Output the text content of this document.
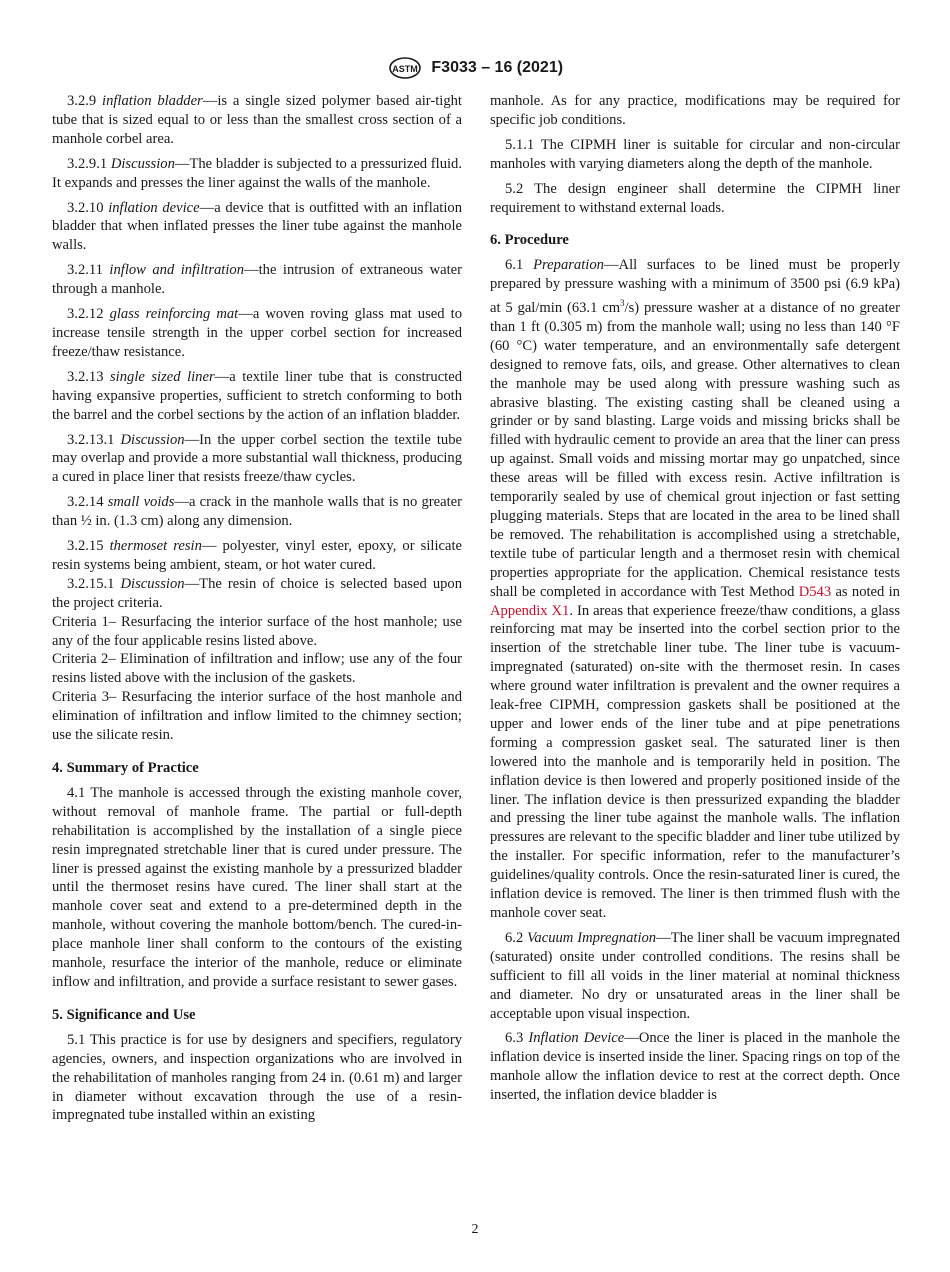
ASTM F3033 – 16 (2021)

3.2.9 inflation bladder—is a single sized polymer based air-tight tube that is sized equal to or less than the smallest cross section of a manhole corbel area.

3.2.9.1 Discussion—The bladder is subjected to a pressurized fluid. It expands and presses the liner against the walls of the manhole.

3.2.10 inflation device—a device that is outfitted with an inflation bladder that when inflated presses the liner tube against the manhole walls.

3.2.11 inflow and infiltration—the intrusion of extraneous water through a manhole.

3.2.12 glass reinforcing mat—a woven roving glass mat used to increase tensile strength in the upper corbel section for increased freeze/thaw resistance.

3.2.13 single sized liner—a textile liner tube that is constructed having expansive properties, sufficient to stretch conforming to both the barrel and the corbel sections by the action of an inflation bladder.

3.2.13.1 Discussion—In the upper corbel section the textile tube may overlap and provide a more substantial wall thickness, producing a cured in place liner that resists freeze/thaw cycles.

3.2.14 small voids—a crack in the manhole walls that is no greater than ½ in. (1.3 cm) along any dimension.

3.2.15 thermoset resin— polyester, vinyl ester, epoxy, or silicate resin systems being ambient, steam, or hot water cured.

3.2.15.1 Discussion—The resin of choice is selected based upon the project criteria.

Criteria 1– Resurfacing the interior surface of the host manhole; use any of the four applicable resins listed above.

Criteria 2– Elimination of infiltration and inflow; use any of the four resins listed above with the inclusion of the gaskets.

Criteria 3– Resurfacing the interior surface of the host manhole and elimination of infiltration and inflow limited to the chimney section; use the silicate resin.

4. Summary of Practice

4.1 The manhole is accessed through the existing manhole cover, without removal of manhole frame. The partial or full-depth rehabilitation is accomplished by the installation of a single piece resin impregnated stretchable liner that is cured under pressure. The liner is pressed against the existing manhole by a pressurized bladder until the thermoset resins have cured. The liner shall start at the manhole cover seat and extend to a pre-determined depth in the manhole, without covering the manhole bottom/bench. The cured-in-place manhole liner shall conform to the contours of the existing manhole, resurface the interior of the manhole, reduce or eliminate inflow and infiltration, and provide a surface resistant to sewer gases.

5. Significance and Use

5.1 This practice is for use by designers and specifiers, regulatory agencies, owners, and inspection organizations who are involved in the rehabilitation of manholes ranging from 24 in. (0.61 m) and larger in diameter without excavation through the use of a resin-impregnated tube installed within an existing

manhole. As for any practice, modifications may be required for specific job conditions.

5.1.1 The CIPMH liner is suitable for circular and non-circular manholes with varying diameters along the depth of the manhole.

5.2 The design engineer shall determine the CIPMH liner requirement to withstand external loads.

6. Procedure

6.1 Preparation—All surfaces to be lined must be properly prepared by pressure washing with a minimum of 3500 psi (6.9 kPa) at 5 gal/min (63.1 $cm^3/s$) pressure washer at a distance of no greater than 1 ft (0.305 m) from the manhole wall; using no less than 140 °F (60 °C) water temperature, and an environmentally safe detergent designed to remove fats, oils, and grease. Other alternatives to clean the manhole may be used along with pressure washing such as abrasive blasting. The existing casting shall be cleaned using a grinder or by sand blasting. Large voids and missing bricks shall be filled with hydraulic cement to provide an area that the liner can press up against. Small voids and missing mortar may go unpatched, since these areas will be filled with excess resin. Active infiltration is temporarily sealed by use of chemical grout injection or fast setting plugging materials. Steps that are located in the area to be lined shall be removed. The rehabilitation is accomplished using a stretchable, textile tube of particular length and a thermoset resin with chemical properties appropriate for the application. Chemical resistance tests shall be completed in accordance with Test Method D543 as noted in Appendix X1. In areas that experience freeze/thaw conditions, a glass reinforcing mat may be inserted into the corbel section prior to the insertion of the stretchable liner tube. The liner tube is vacuum-impregnated (saturated) on-site with the thermoset resin. In cases where ground water infiltration is prevalent and the owner requires a leak-free CIPMH, compression gaskets shall be positioned at the upper and lower ends of the liner tube and at pipe penetrations forming a compression gasket seal. The saturated liner is then lowered into the manhole and is temporarily held in position. The inflation device is then lowered and properly positioned inside of the liner. The inflation device is then pressurized expanding the bladder and pressing the liner tube against the manhole walls. The inflation pressures are relevant to the specific bladder and liner tube utilized by the installer. For specific information, refer to the manufacturer’s guidelines/quality controls. Once the resin-saturated liner is cured, the inflation device is removed. The liner is then trimmed flush with the manhole cover seat.

6.2 Vacuum Impregnation—The liner shall be vacuum impregnated (saturated) onsite under controlled conditions. The resins shall be sufficient to fill all voids in the liner material at nominal thickness and diameter. No dry or unsaturated areas in the liner shall be acceptable upon visual inspection.

6.3 Inflation Device—Once the liner is placed in the manhole the inflation device is inserted inside the liner. Spacing rings on top of the manhole allow the inflation device to rest at the correct depth. Once inserted, the inflation device bladder is

2
